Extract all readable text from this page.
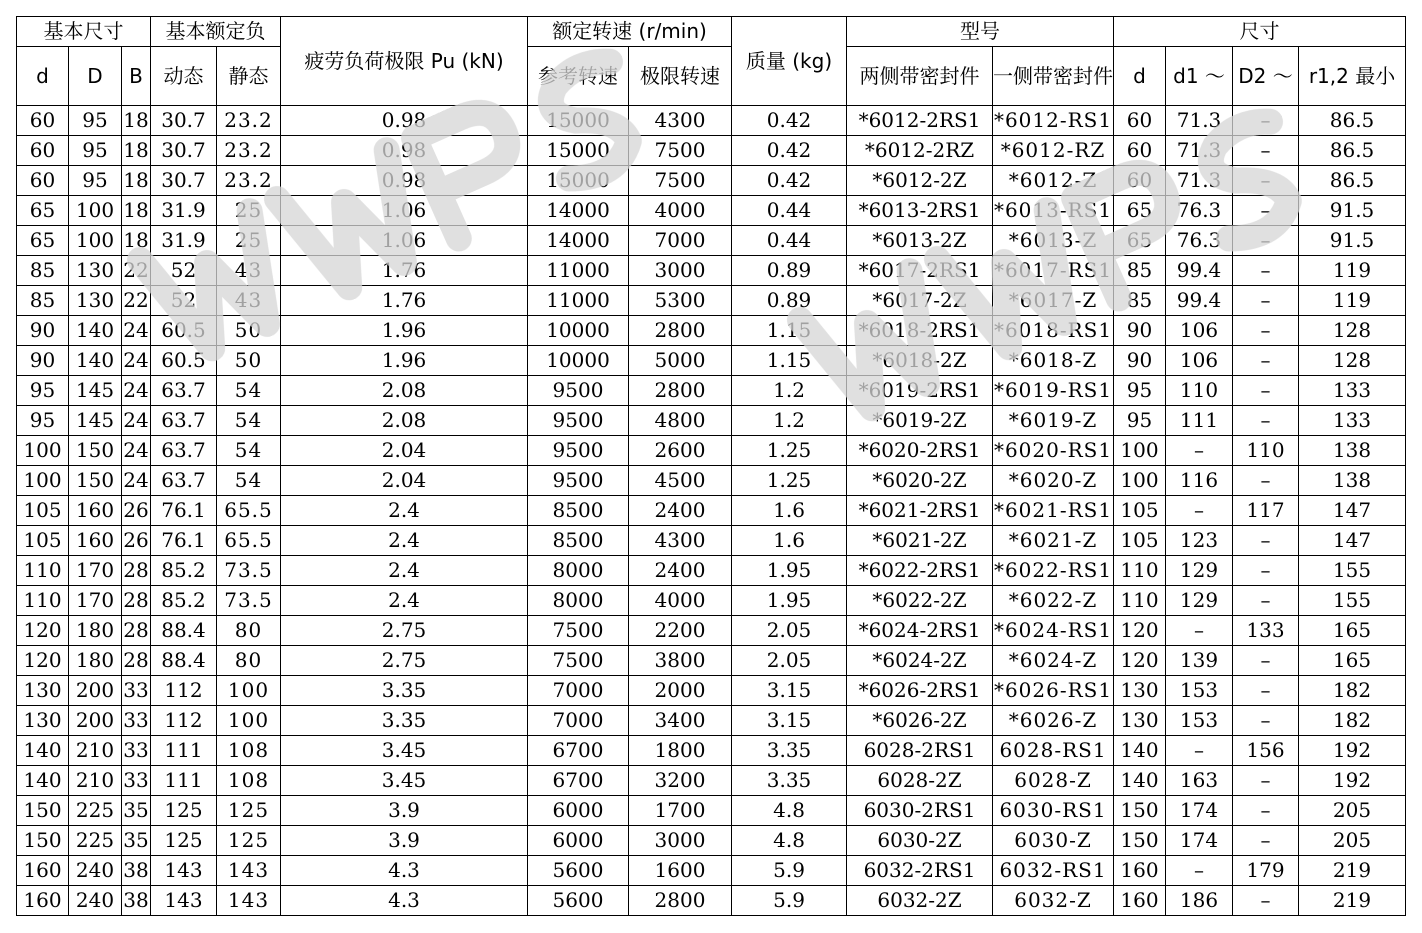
基本尺寸			基本额定负		疲劳负荷极限 Pu (kN)	额定转速 (r/min)		质量 (kg)	型号		尺寸			
d	D	B	动态	静态		参考转速	极限转速		两侧带密封件	一侧带密封件	d	d1 ～	D2 ～	r1,2 最小
60	95	18	30.7	23.2	0.98	15000	4300	0.42	*6012-2RS1	*6012-RS1	60	71.3	–	86.5
60	95	18	30.7	23.2	0.98	15000	7500	0.42	*6012-2RZ	*6012-RZ	60	71.3	–	86.5
60	95	18	30.7	23.2	0.98	15000	7500	0.42	*6012-2Z	*6012-Z	60	71.3	–	86.5
65	100	18	31.9	25	1.06	14000	4000	0.44	*6013-2RS1	*6013-RS1	65	76.3	–	91.5
65	100	18	31.9	25	1.06	14000	7000	0.44	*6013-2Z	*6013-Z	65	76.3	–	91.5
85	130	22	52	43	1.76	11000	3000	0.89	*6017-2RS1	*6017-RS1	85	99.4	–	119
85	130	22	52	43	1.76	11000	5300	0.89	*6017-2Z	*6017-Z	85	99.4	–	119
90	140	24	60.5	50	1.96	10000	2800	1.15	*6018-2RS1	*6018-RS1	90	106	–	128
90	140	24	60.5	50	1.96	10000	5000	1.15	*6018-2Z	*6018-Z	90	106	–	128
95	145	24	63.7	54	2.08	9500	2800	1.2	*6019-2RS1	*6019-RS1	95	110	–	133
95	145	24	63.7	54	2.08	9500	4800	1.2	*6019-2Z	*6019-Z	95	111	–	133
100	150	24	63.7	54	2.04	9500	2600	1.25	*6020-2RS1	*6020-RS1	100	–	110	138
100	150	24	63.7	54	2.04	9500	4500	1.25	*6020-2Z	*6020-Z	100	116	–	138
105	160	26	76.1	65.5	2.4	8500	2400	1.6	*6021-2RS1	*6021-RS1	105	–	117	147
105	160	26	76.1	65.5	2.4	8500	4300	1.6	*6021-2Z	*6021-Z	105	123	–	147
110	170	28	85.2	73.5	2.4	8000	2400	1.95	*6022-2RS1	*6022-RS1	110	129	–	155
110	170	28	85.2	73.5	2.4	8000	4000	1.95	*6022-2Z	*6022-Z	110	129	–	155
120	180	28	88.4	80	2.75	7500	2200	2.05	*6024-2RS1	*6024-RS1	120	–	133	165
120	180	28	88.4	80	2.75	7500	3800	2.05	*6024-2Z	*6024-Z	120	139	–	165
130	200	33	112	100	3.35	7000	2000	3.15	*6026-2RS1	*6026-RS1	130	153	–	182
130	200	33	112	100	3.35	7000	3400	3.15	*6026-2Z	*6026-Z	130	153	–	182
140	210	33	111	108	3.45	6700	1800	3.35	6028-2RS1	6028-RS1	140	–	156	192
140	210	33	111	108	3.45	6700	3200	3.35	6028-2Z	6028-Z	140	163	–	192
150	225	35	125	125	3.9	6000	1700	4.8	6030-2RS1	6030-RS1	150	174	–	205
150	225	35	125	125	3.9	6000	3000	4.8	6030-2Z	6030-Z	150	174	–	205
160	240	38	143	143	4.3	5600	1600	5.9	6032-2RS1	6032-RS1	160	–	179	219
160	240	38	143	143	4.3	5600	2800	5.9	6032-2Z	6032-Z	160	186	–	219
